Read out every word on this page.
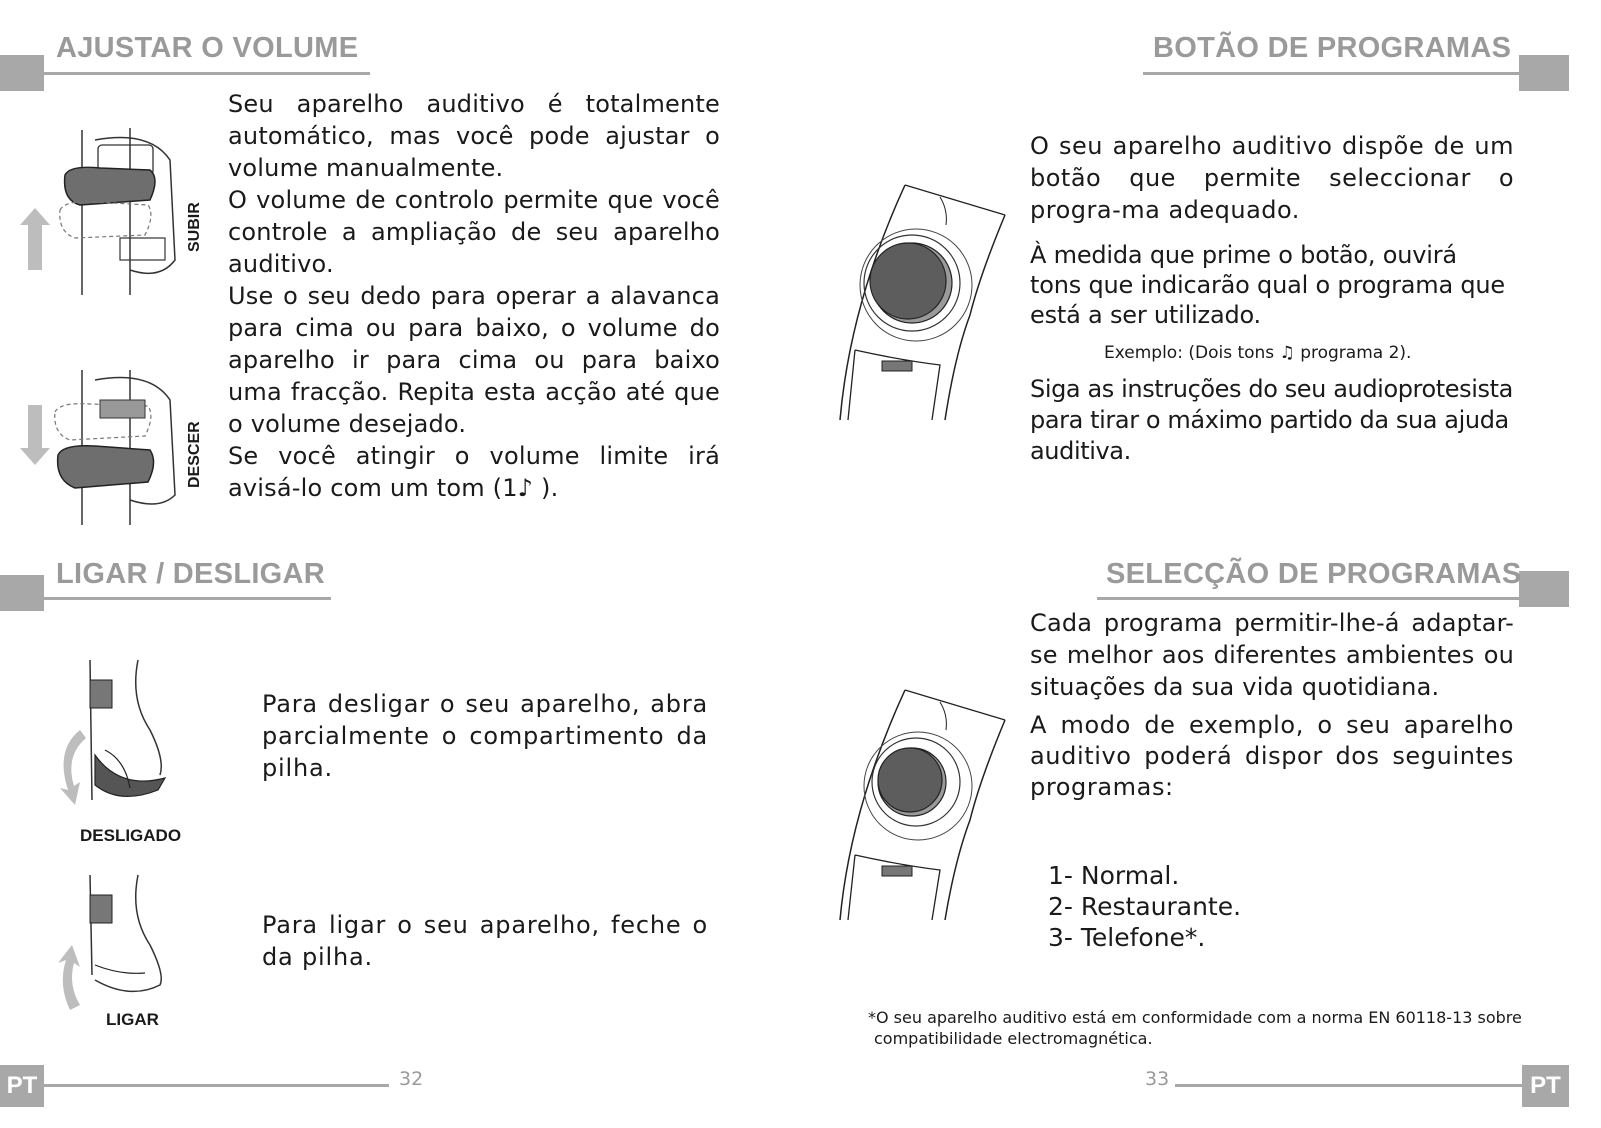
AJUSTAR O VOLUME
SUBIR
DESCER

Seu aparelho auditivo é totalmente automático, mas você pode ajustar o volume manualmente.

O volume de controlo permite que você controle a ampliação de seu aparelho auditivo.

Use o seu dedo para operar a alavanca para cima ou para baixo, o volume do aparelho ir para cima ou para baixo uma fracção. Repita esta acção até que o volume desejado.

Se você atingir o volume limite irá avisá-lo com um tom (1♪ ).

LIGAR / DESLIGAR
DESLIGADO
LIGAR
Para desligar o seu aparelho, abra parcialmente o compartimento da pilha.
Para ligar o seu aparelho, feche o da pilha.
PT	32
BOTÃO DE PROGRAMAS
O seu aparelho auditivo dispõe de um botão que permite seleccionar o progra-ma adequado.
À medida que prime o botão, ouvirá tons que indicarão qual o programa que está a ser utilizado.
Exemplo: (Dois tons ♫ programa 2).
Siga as instruções do seu audioprotesista para tirar o máximo partido da sua ajuda auditiva.
SELECÇÃO DE PROGRAMAS
Cada programa permitir-lhe-á adaptar-se melhor aos diferentes ambientes ou situações da sua vida quotidiana.
A modo de exemplo, o seu aparelho auditivo poderá dispor dos seguintes programas:
1- Normal.
2- Restaurante.
3- Telefone*.
*O seu aparelho auditivo está em conformidade com a norma EN 60118-13 sobre
compatibilidade electromagnética.
33	PT
